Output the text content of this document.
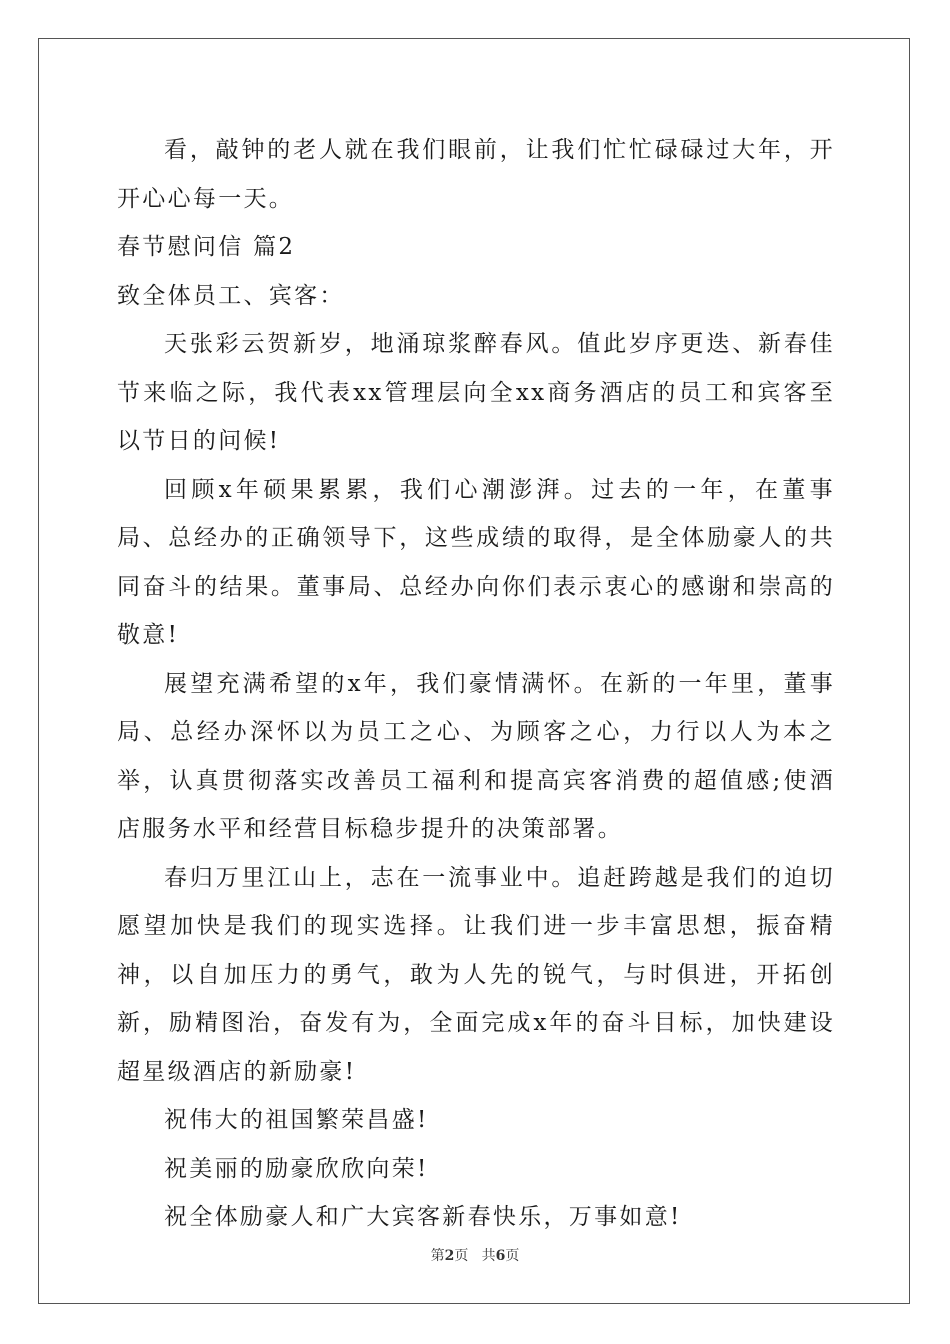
看，敲钟的老人就在我们眼前，让我们忙忙碌碌过大年，开开心心每一天。

春节慰问信 篇2

致全体员工、宾客：

天张彩云贺新岁，地涌琼浆醉春风。值此岁序更迭、新春佳节来临之际，我代表xx管理层向全xx商务酒店的员工和宾客至以节日的问候!

回顾x年硕果累累，我们心潮澎湃。过去的一年，在董事局、总经办的正确领导下，这些成绩的取得，是全体励豪人的共同奋斗的结果。董事局、总经办向你们表示衷心的感谢和崇高的敬意!

展望充满希望的x年，我们豪情满怀。在新的一年里，董事局、总经办深怀以为员工之心、为顾客之心，力行以人为本之举，认真贯彻落实改善员工福利和提高宾客消费的超值感;使酒店服务水平和经营目标稳步提升的决策部署。

春归万里江山上，志在一流事业中。追赶跨越是我们的迫切愿望加快是我们的现实选择。让我们进一步丰富思想，振奋精神，以自加压力的勇气，敢为人先的锐气，与时俱进，开拓创新，励精图治，奋发有为，全面完成x年的奋斗目标，加快建设超星级酒店的新励豪!

祝伟大的祖国繁荣昌盛!

祝美丽的励豪欣欣向荣!

祝全体励豪人和广大宾客新春快乐，万事如意!

第2页 共6页
